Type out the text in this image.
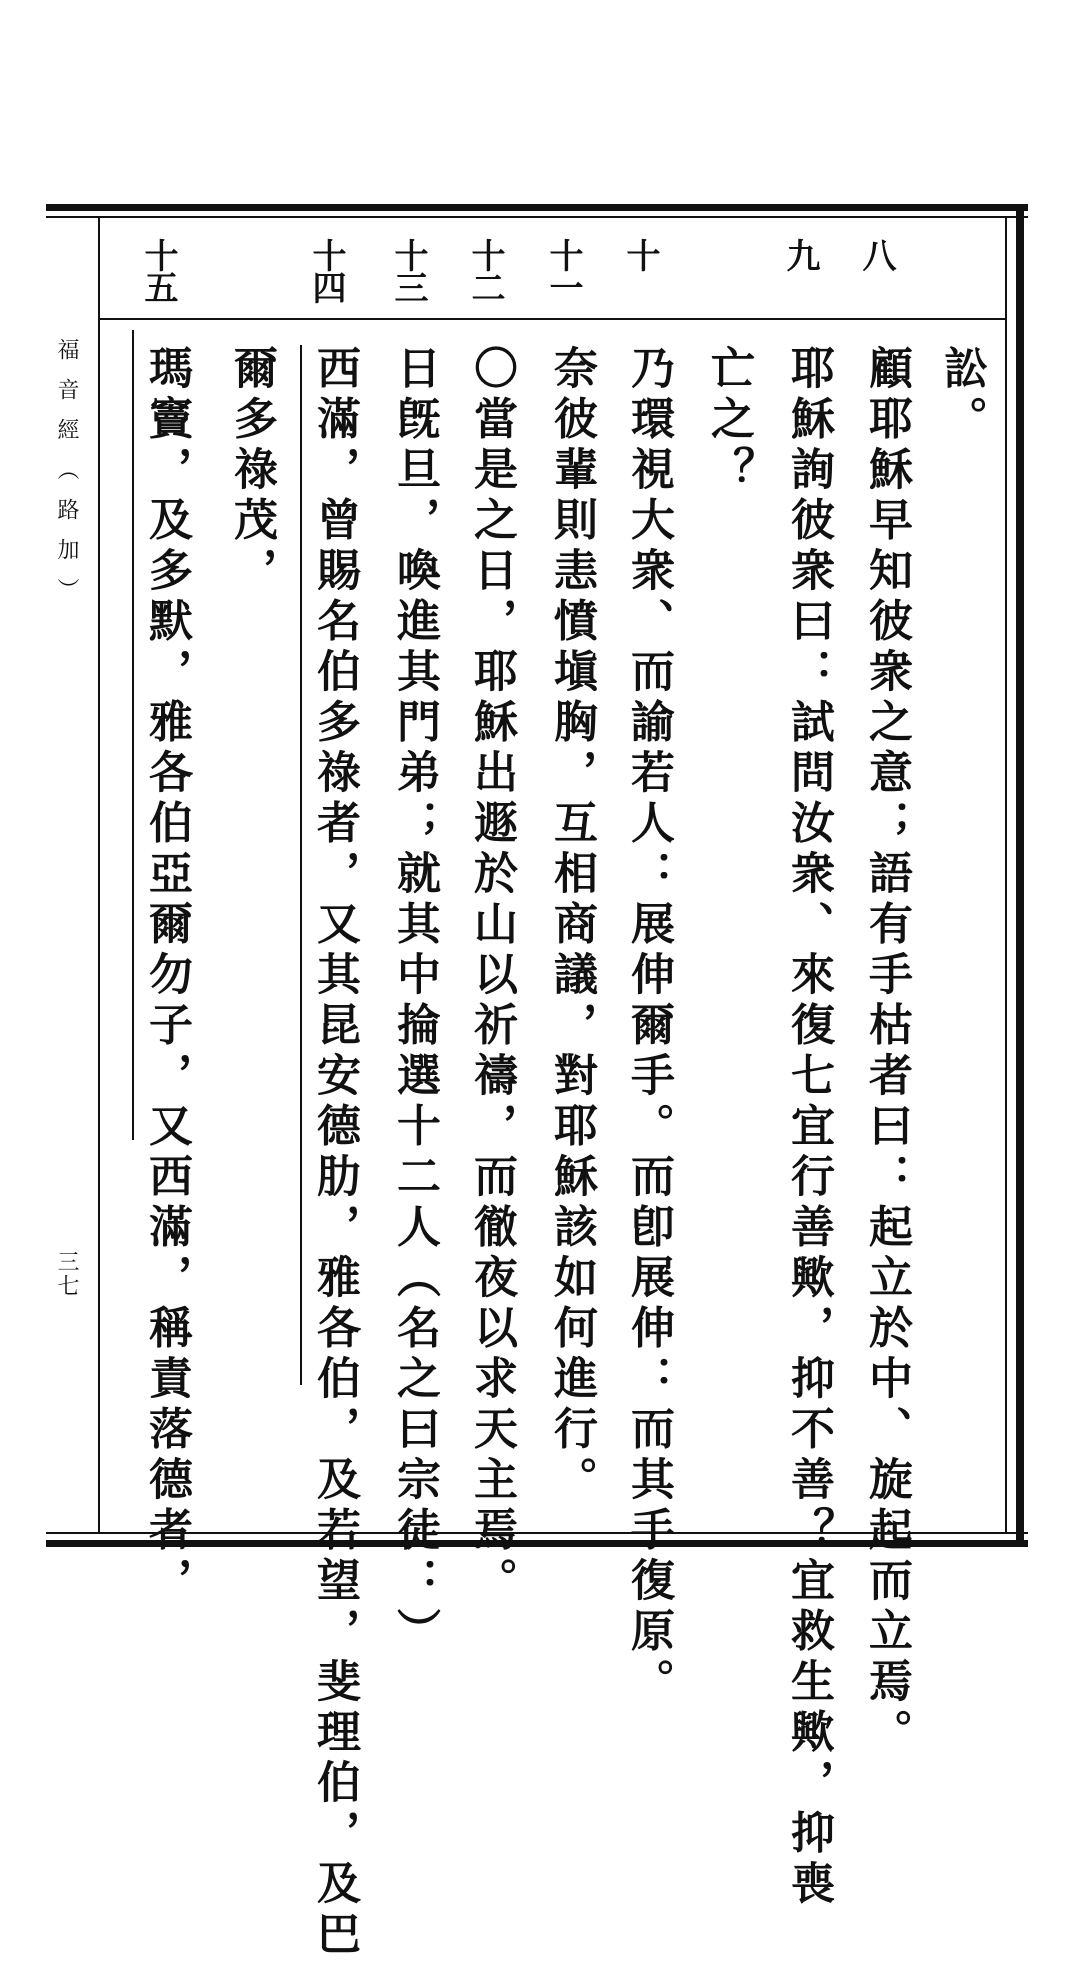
福音經（路加）
三七
八
九
十
十一
十二
十三
十四
十五
訟。
顧耶穌早知彼衆之意；語有手枯者曰：起立於中、旋起而立焉。
耶穌詢彼衆曰：試問汝衆、來復七宜行善歟，抑不善？宜救生歟，抑喪
亡之？
乃環視大衆、而諭若人：展伸爾手。而卽展伸：而其手復原。
奈彼輩則恚憤塡胸，互相商議，對耶穌該如何進行。
〇當是之日，耶穌出遯於山以祈禱，而徹夜以求天主焉。
日旣旦，喚進其門弟；就其中掄選十二人（名之曰宗徒：）
西滿，曾賜名伯多祿者，又其昆安德肋，雅各伯，及若望，斐理伯，及巴
爾多祿茂，
瑪竇，及多默，雅各伯亞爾勿子，又西滿，稱責落德者，
